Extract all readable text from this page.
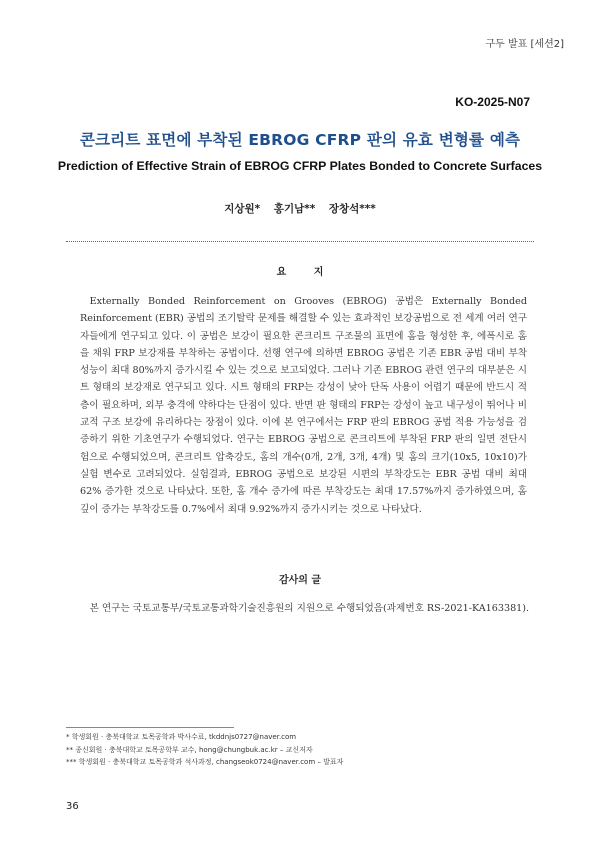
구두 발표 [세션2]
KO-2025-N07
콘크리트 표면에 부착된 EBROG CFRP 판의 유효 변형률 예측
Prediction of Effective Strain of EBROG CFRP Plates Bonded to Concrete Surfaces
지상원* 홍기남** 장창석***
요 지

Externally Bonded Reinforcement on Grooves (EBROG) 공법은 Externally Bonded Reinforcement (EBR) 공법의 조기탈락 문제를 해결할 수 있는 효과적인 보강공법으로 전 세계 여러 연구자들에게 연구되고 있다. 이 공법은 보강이 필요한 콘크리트 구조물의 표면에 홈을 형성한 후, 에폭시로 홈을 채워 FRP 보강재를 부착하는 공법이다. 선행 연구에 의하면 EBROG 공법은 기존 EBR 공법 대비 부착성능이 최대 80%까지 증가시킬 수 있는 것으로 보고되었다. 그러나 기존 EBROG 관련 연구의 대부분은 시트 형태의 보강재로 연구되고 있다. 시트 형태의 FRP는 강성이 낮아 단독 사용이 어렵기 때문에 반드시 적층이 필요하며, 외부 충격에 약하다는 단점이 있다. 반면 판 형태의 FRP는 강성이 높고 내구성이 뛰어나 비교적 구조 보강에 유리하다는 장점이 있다. 이에 본 연구에서는 FRP 판의 EBROG 공법 적용 가능성을 검증하기 위한 기초연구가 수행되었다. 연구는 EBROG 공법으로 콘크리트에 부착된 FRP 판의 일면 전단시험으로 수행되었으며, 콘크리트 압축강도, 홈의 개수(0개, 2개, 3개, 4개) 및 홈의 크기(10x5, 10x10)가 실험 변수로 고려되었다. 실험결과, EBROG 공법으로 보강된 시편의 부착강도는 EBR 공법 대비 최대 62% 증가한 것으로 나타났다. 또한, 홈 개수 증가에 따른 부착강도는 최대 17.57%까지 증가하였으며, 홈 깊이 증가는 부착강도를 0.7%에서 최대 9.92%까지 증가시키는 것으로 나타났다.

감사의 글

본 연구는 국토교통부/국토교통과학기술진흥원의 지원으로 수행되었음(과제번호 RS-2021-KA163381).

* 학생회원 · 충북대학교 토목공학과 박사수료, tkddnjs0727@naver.com
** 종신회원 · 충북대학교 토목공학부 교수, hong@chungbuk.ac.kr – 교신저자
*** 학생회원 · 충북대학교 토목공학과 석사과정, changseok0724@naver.com – 발표자
36
